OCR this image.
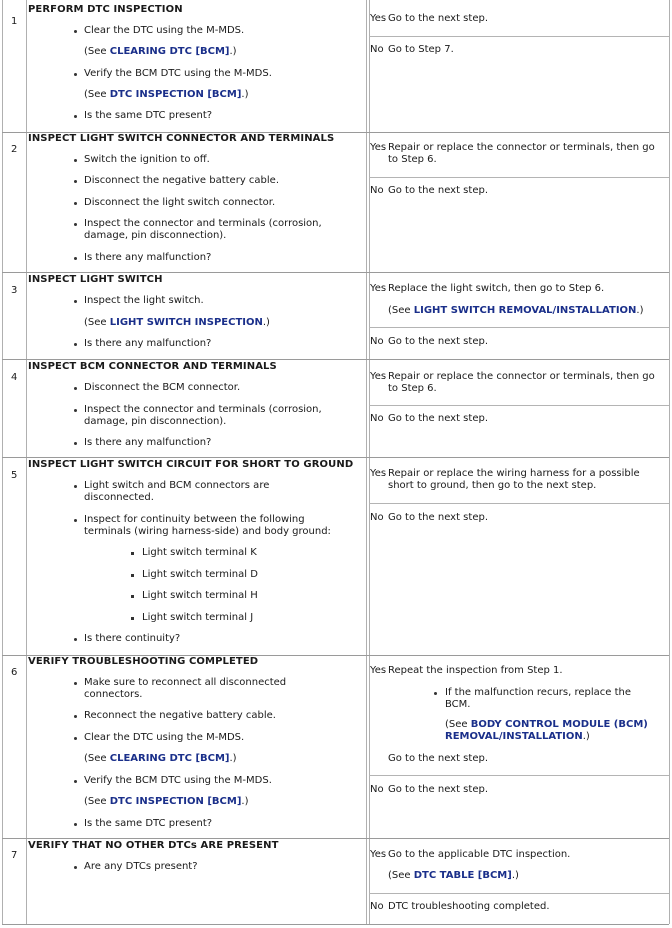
1
PERFORM DTC INSPECTION
Clear the DTC using the M-MDS.
(See CLEARING DTC [BCM].)
Verify the BCM DTC using the M-MDS.
(See DTC INSPECTION [BCM].)
Is the same DTC present?
Yes Go to the next step.
No Go to Step 7.
2
INSPECT LIGHT SWITCH CONNECTOR AND TERMINALS
Switch the ignition to off.
Disconnect the negative battery cable.
Disconnect the light switch connector.
Inspect the connector and terminals (corrosion, damage, pin disconnection).
Is there any malfunction?
Yes Repair or replace the connector or terminals, then go to Step 6.
No Go to the next step.
3
INSPECT LIGHT SWITCH
Inspect the light switch.
(See LIGHT SWITCH INSPECTION.)
Is there any malfunction?
Yes Replace the light switch, then go to Step 6.
(See LIGHT SWITCH REMOVAL/INSTALLATION.)
No Go to the next step.
4
INSPECT BCM CONNECTOR AND TERMINALS
Disconnect the BCM connector.
Inspect the connector and terminals (corrosion, damage, pin disconnection).
Is there any malfunction?
Yes Repair or replace the connector or terminals, then go to Step 6.
No Go to the next step.
5
INSPECT LIGHT SWITCH CIRCUIT FOR SHORT TO GROUND
Light switch and BCM connectors are disconnected.
Inspect for continuity between the following terminals (wiring harness-side) and body ground:
Light switch terminal K
Light switch terminal D
Light switch terminal H
Light switch terminal J
Is there continuity?
Yes Repair or replace the wiring harness for a possible short to ground, then go to the next step.
No Go to the next step.
6
VERIFY TROUBLESHOOTING COMPLETED
Make sure to reconnect all disconnected connectors.
Reconnect the negative battery cable.
Clear the DTC using the M-MDS.
(See CLEARING DTC [BCM].)
Verify the BCM DTC using the M-MDS.
(See DTC INSPECTION [BCM].)
Is the same DTC present?
Yes Repeat the inspection from Step 1.
If the malfunction recurs, replace the BCM.
(See BODY CONTROL MODULE (BCM) REMOVAL/INSTALLATION.)
Go to the next step.
No Go to the next step.
7
VERIFY THAT NO OTHER DTCs ARE PRESENT
Are any DTCs present?
Yes Go to the applicable DTC inspection.
(See DTC TABLE [BCM].)
No DTC troubleshooting completed.
